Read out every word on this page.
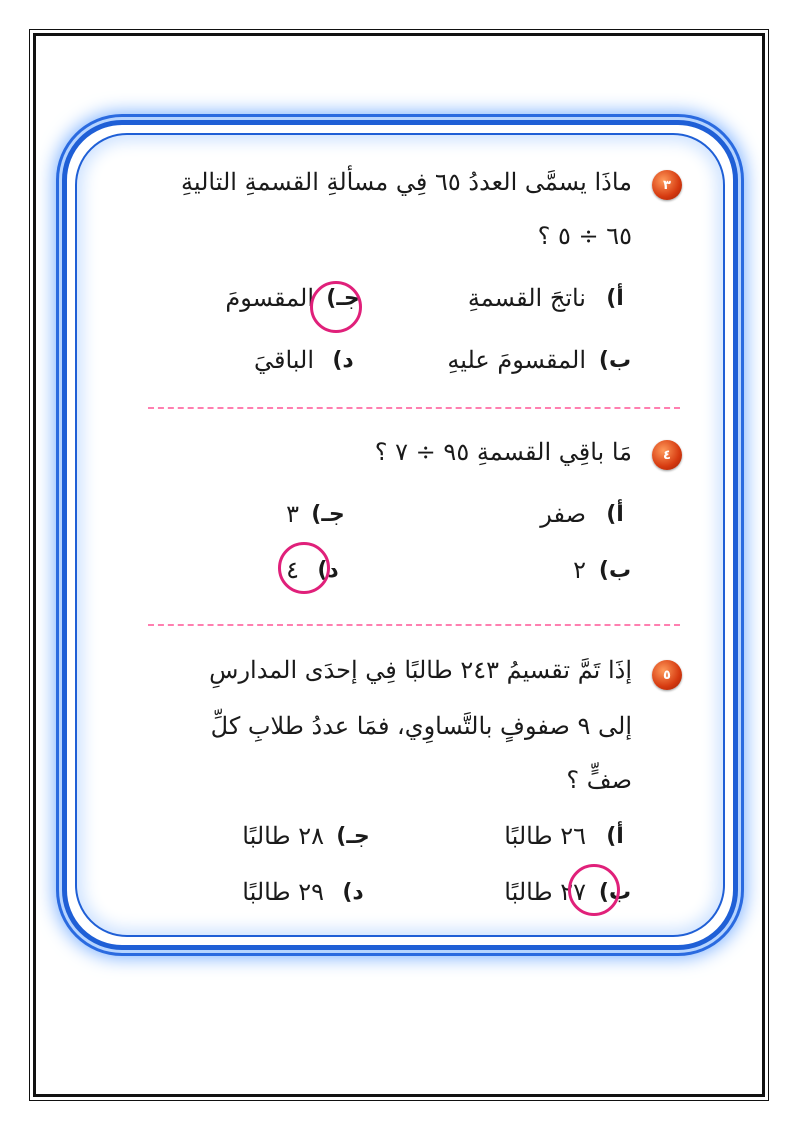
٣
ماذَا يسمَّى العددُ ٦٥ فِي مسألةِ القسمةِ التاليةِ
٦٥ ÷ ٥ ؟
أ)
ناتجَ القسمةِ
جـ)
المقسومَ
ب)
المقسومَ عليهِ
د)
الباقيَ
٤
مَا باقِي القسمةِ ٩٥ ÷ ٧ ؟
أ)
صفر
جـ)
٣
ب)
٢
د)
٤
٥
إذَا تَمَّ تقسيمُ ٢٤٣ طالبًا فِي إحدَى المدارسِ
إلى ٩ صفوفٍ بالتَّساوِي، فمَا عددُ طلابِ كلِّ
صفٍّ ؟
أ)
٢٦ طالبًا
جـ)
٢٨ طالبًا
ب)
٢٧ طالبًا
د)
٢٩ طالبًا
